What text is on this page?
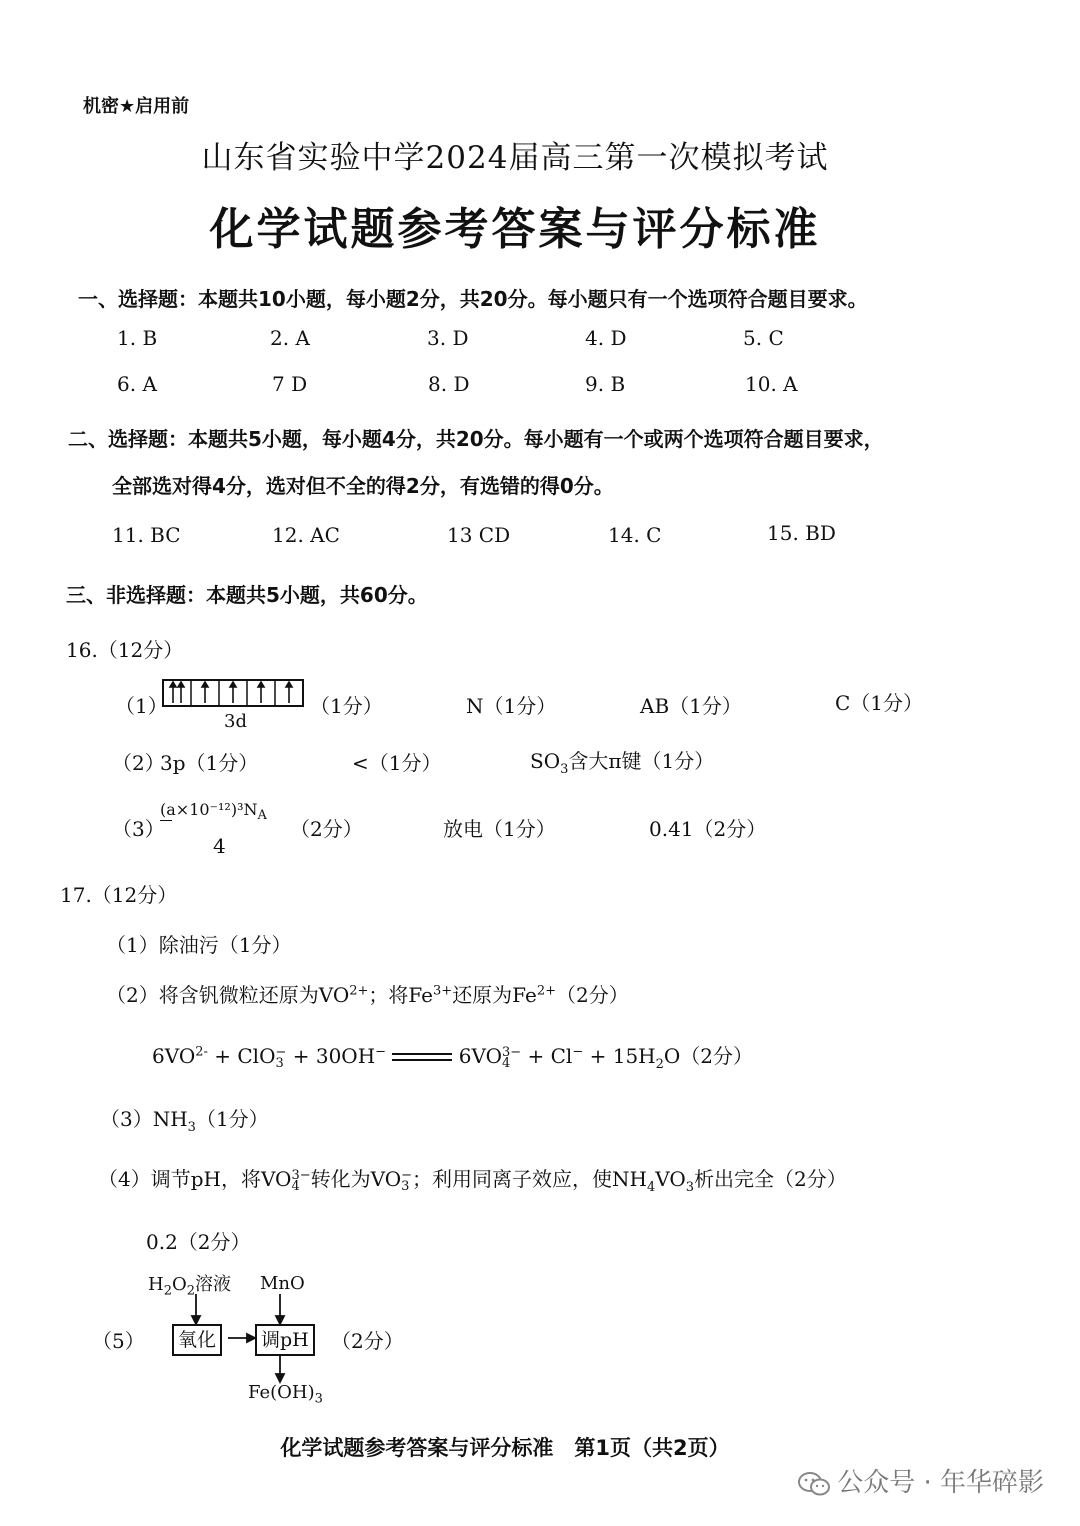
机密★启用前
山东省实验中学2024届高三第一次模拟考试
化学试题参考答案与评分标准
一、选择题：本题共10小题，每小题2分，共20分。每小题只有一个选项符合题目要求。
1. B	2. A	3. D	4. D	5. C
6. A	7 D	8. D	9. B	10. A
二、选择题：本题共5小题，每小题4分，共20分。每小题有一个或两个选项符合题目要求，
全部选对得4分，选对但不全的得2分，有选错的得0分。
11. BC	12. AC	13 CD	14. C	15. BD
三、非选择题：本题共5小题，共60分。
16.（12分）
（1）
3d
（1分）	N（1分）	AB（1分）	C（1分）
（2）
3p（1分）	<（1分）	$SO_3$含大π键（1分）
（3）
$(a\times 10^{-12})^3N_A$
4
（2分）	放电（1分）	0.41（2分）
17.（12分）
（1）除油污（1分）
（2）将含钒微粒还原为$VO^{2+}$；将$Fe^{3+}$还原为$Fe^{2+}(2$分）
$6VO^{2-} + ClO-$
3 + 30OH−	6VO3−
$4 + Cl^- + 15H_2O(2$分）
$(3)NH_3(1$分）
（4）调节pH，将VO3−
4 转化为VO−
3 ；利用同离子效应，使$NH_4VO_3$析出完全（2分）
0.2（2分）
（5）
$H_2O_2$溶液 MnO
氧化	调pH	（2分）
$Fe(OH)_3$
化学试题参考答案与评分标准　第1页（共2页）
公众号 · 年华碎影
